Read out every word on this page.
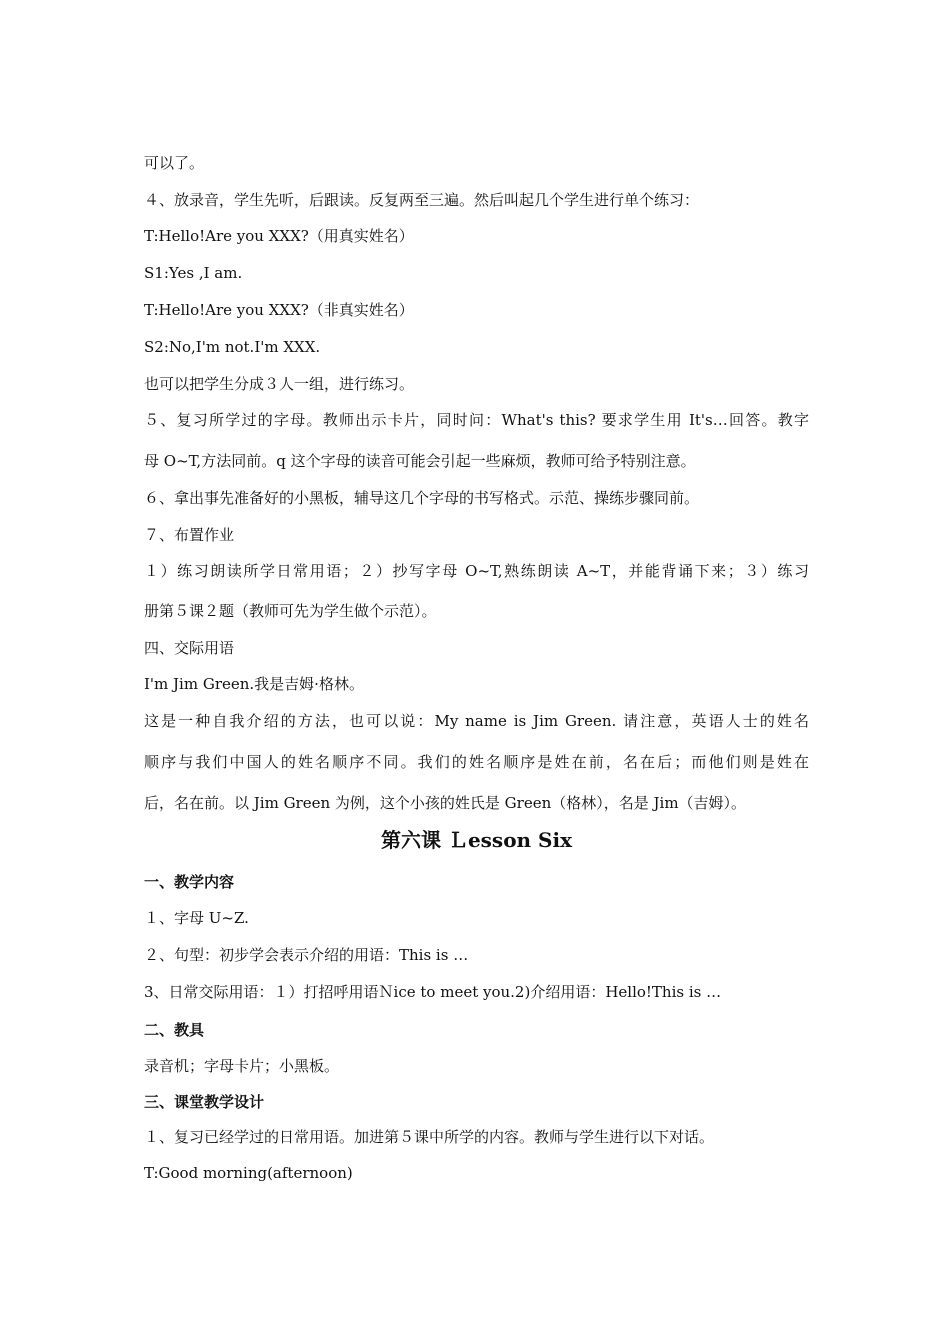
可以了。
４、放录音，学生先听，后跟读。反复两至三遍。然后叫起几个学生进行单个练习：
T:Hello!Are you XXX?（用真实姓名）
S1:Yes ,I am.
T:Hello!Are you XXX?（非真实姓名）
S2:No,I'm not.I'm XXX.
也可以把学生分成３人一组，进行练习。
５、复习所学过的字母。教师出示卡片，同时问：What's this? 要求学生用 It's…回答。教字
母 O~T,方法同前。q 这个字母的读音可能会引起一些麻烦，教师可给予特别注意。
６、拿出事先准备好的小黑板，辅导这几个字母的书写格式。示范、操练步骤同前。
７、布置作业
１）练习朗读所学日常用语；２）抄写字母 O~T,熟练朗读 A~T，并能背诵下来；３）练习
册第５课２题（教师可先为学生做个示范）。
四、交际用语
I'm Jim Green.我是吉姆·格林。
这是一种自我介绍的方法，也可以说：My name is Jim Green. 请注意，英语人士的姓名
顺序与我们中国人的姓名顺序不同。我们的姓名顺序是姓在前，名在后；而他们则是姓在
后，名在前。以 Jim Green 为例，这个小孩的姓氏是 Green（格林），名是 Jim（吉姆）。
第六课 Ｌesson Six
一、教学内容
１、字母 U~Z.
２、句型：初步学会表示介绍的用语：This is …
3、日常交际用语：１）打招呼用语Ｎice to meet you.2)介绍用语：Hello!This is …
二、教具
录音机；字母卡片；小黑板。
三、课堂教学设计
１、复习已经学过的日常用语。加进第５课中所学的内容。教师与学生进行以下对话。
T:Good morning(afternoon)
